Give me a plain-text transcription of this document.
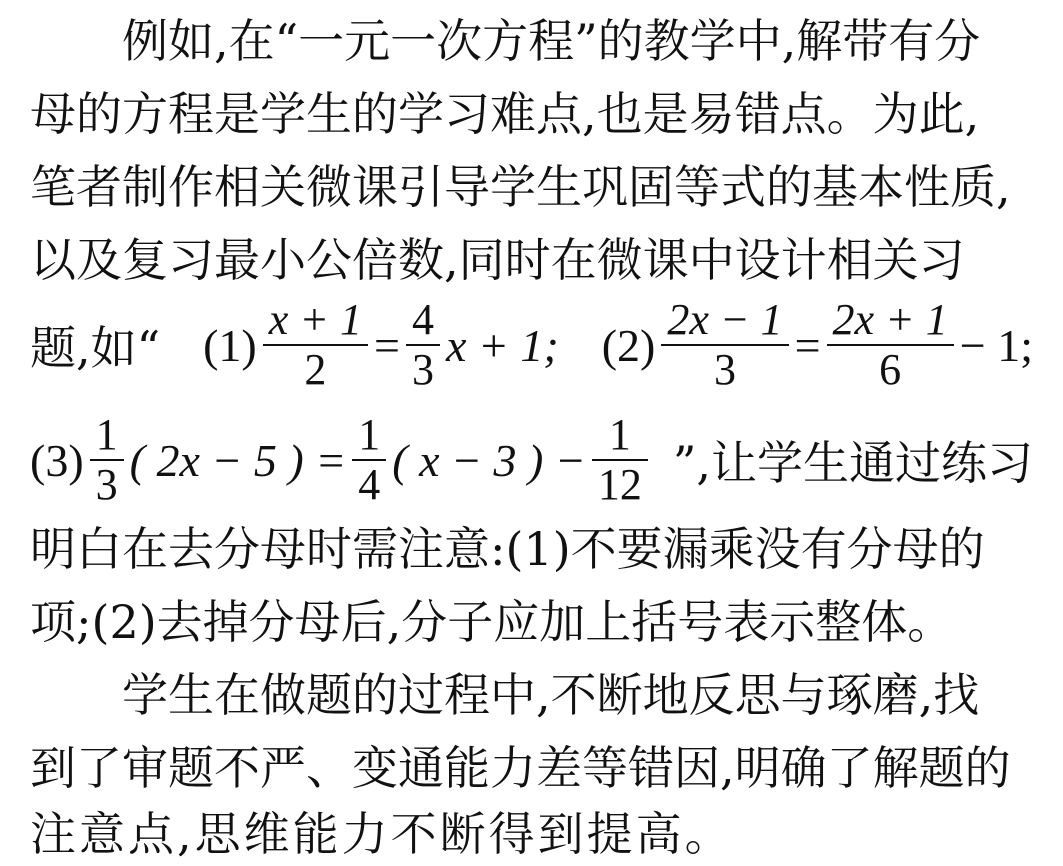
例如,在“一元一次方程”的教学中,解带有分
母的方程是学生的学习难点,也是易错点。为此,
笔者制作相关微课引导学生巩固等式的基本性质,
以及复习最小公倍数,同时在微课中设计相关习
题,如“ $(1) \frac{x + 1}{2} = \frac{4}{3}$ x + 1; $(2) \frac{2x - 1}{3} = \frac{2x + 1}{6} - 1$;
$(3) \frac{1}{3}$ ( 2x − 5 ) = $\frac{1}{4}$ ( x − 3 ) − $\frac{1}{12}$ ”,让学生通过练习
明白在去分母时需注意:(1)不要漏乘没有分母的
项;(2)去掉分母后,分子应加上括号表示整体。
学生在做题的过程中,不断地反思与琢磨,找
到了审题不严、变通能力差等错因,明确了解题的
注意点,思维能力不断得到提高。
